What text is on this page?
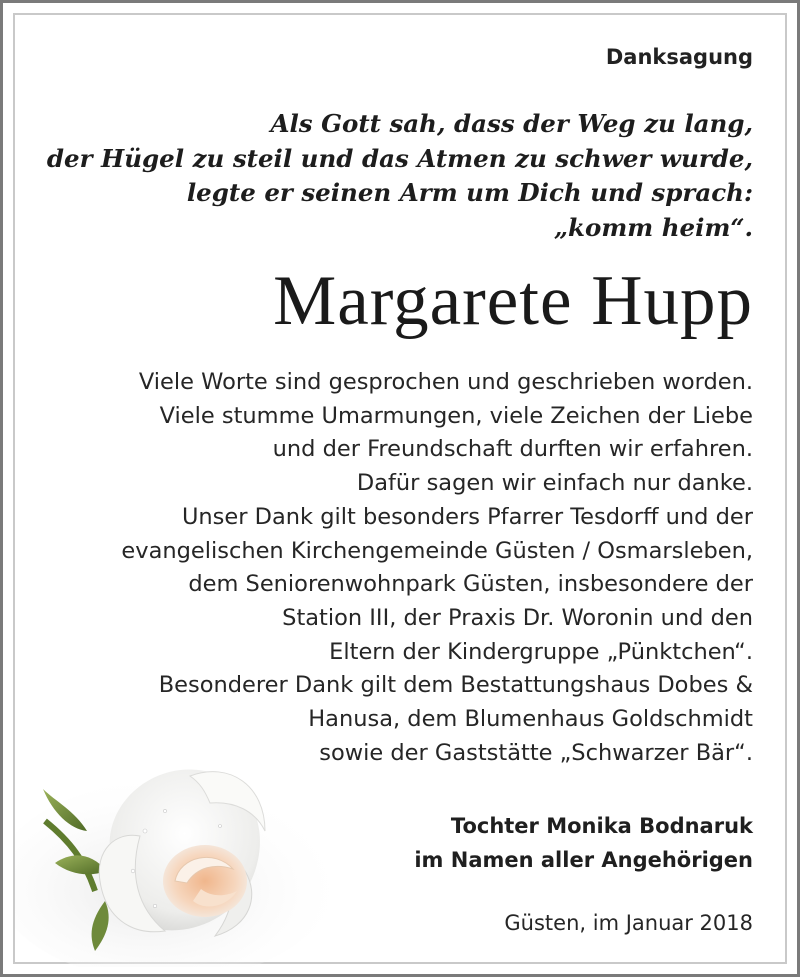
Danksagung

Als Gott sah, dass der Weg zu lang,
der Hügel zu steil und das Atmen zu schwer wurde,
legte er seinen Arm um Dich und sprach:
„komm heim“.
Margarete Hupp
Viele Worte sind gesprochen und geschrieben worden.
Viele stumme Umarmungen, viele Zeichen der Liebe
und der Freundschaft durften wir erfahren.
Dafür sagen wir einfach nur danke.
Unser Dank gilt besonders Pfarrer Tesdorff und der
evangelischen Kirchengemeinde Güsten / Osmarsleben,
dem Seniorenwohnpark Güsten, insbesondere der
Station III, der Praxis Dr. Woronin und den
Eltern der Kindergruppe „Pünktchen“.
Besonderer Dank gilt dem Bestattungshaus Dobes &
Hanusa, dem Blumenhaus Goldschmidt
sowie der Gaststätte „Schwarzer Bär“.
Tochter Monika Bodnaruk
im Namen aller Angehörigen

Güsten, im Januar 2018
